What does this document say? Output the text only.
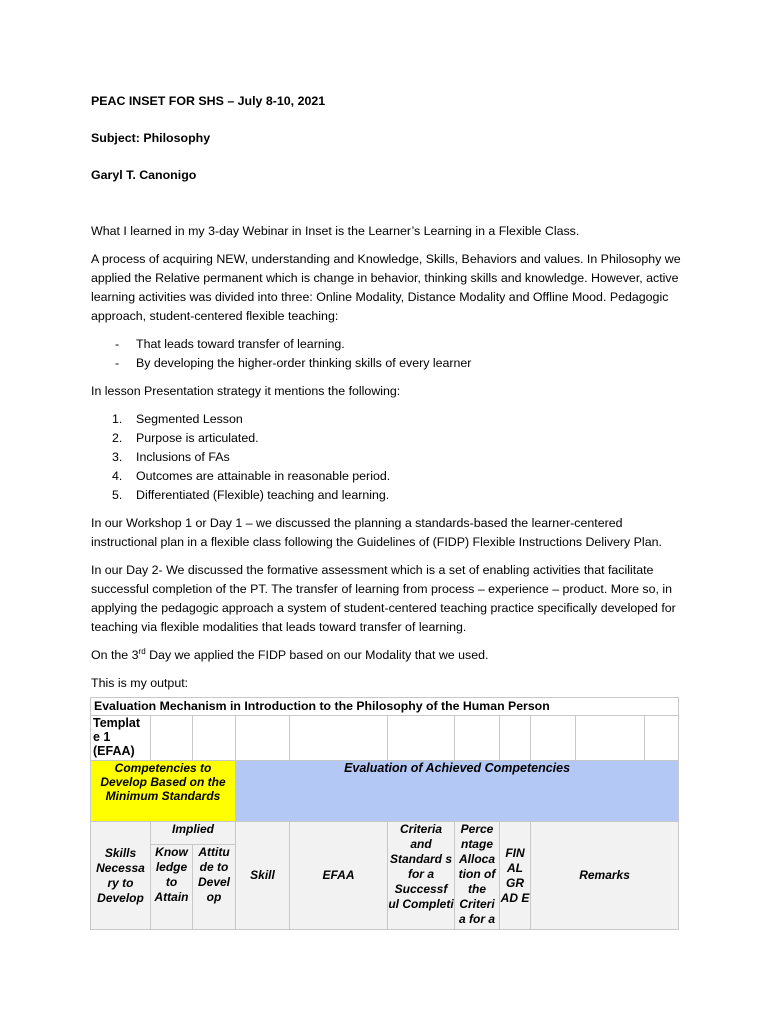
PEAC INSET FOR SHS – July 8-10, 2021

Subject: Philosophy

Garyl T. Canonigo

What I learned in my 3-day Webinar in Inset is the Learner’s Learning in a Flexible Class.

A process of acquiring NEW, understanding and Knowledge, Skills, Behaviors and values. In Philosophy we applied the Relative permanent which is change in behavior, thinking skills and knowledge. However, active learning activities was divided into three: Online Modality, Distance Modality and Offline Mood. Pedagogic approach, student-centered flexible teaching:

- That leads toward transfer of learning.
- By developing the higher-order thinking skills of every learner

In lesson Presentation strategy it mentions the following:

1. Segmented Lesson
2. Purpose is articulated.
3. Inclusions of FAs
4. Outcomes are attainable in reasonable period.
5. Differentiated (Flexible) teaching and learning.

In our Workshop 1 or Day 1 – we discussed the planning a standards-based the learner-centered instructional plan in a flexible class following the Guidelines of (FIDP) Flexible Instructions Delivery Plan.

In our Day 2- We discussed the formative assessment which is a set of enabling activities that facilitate successful completion of the PT. The transfer of learning from process – experience – product. More so, in applying the pedagogic approach a system of student-centered teaching practice specifically developed for teaching via flexible modalities that leads toward transfer of learning.

On the 3rd Day we applied the FIDP based on our Modality that we used.

This is my output:

Evaluation Mechanism in Introduction to the Philosophy of the Human Person										
Templat e 1 (EFAA)										
Competencies to Develop Based on the Minimum Standards			Evaluation of Achieved Competencies							
Skills Necessa ry to Develop	Implied		Skill	EFAA	Criteria and Standard s for a Successf ul Completi	Perce ntage Alloca tion of the Criteri a for a	FIN AL GR AD E	Remarks		
	Know ledge to Attain	Attitu de to Devel op								
